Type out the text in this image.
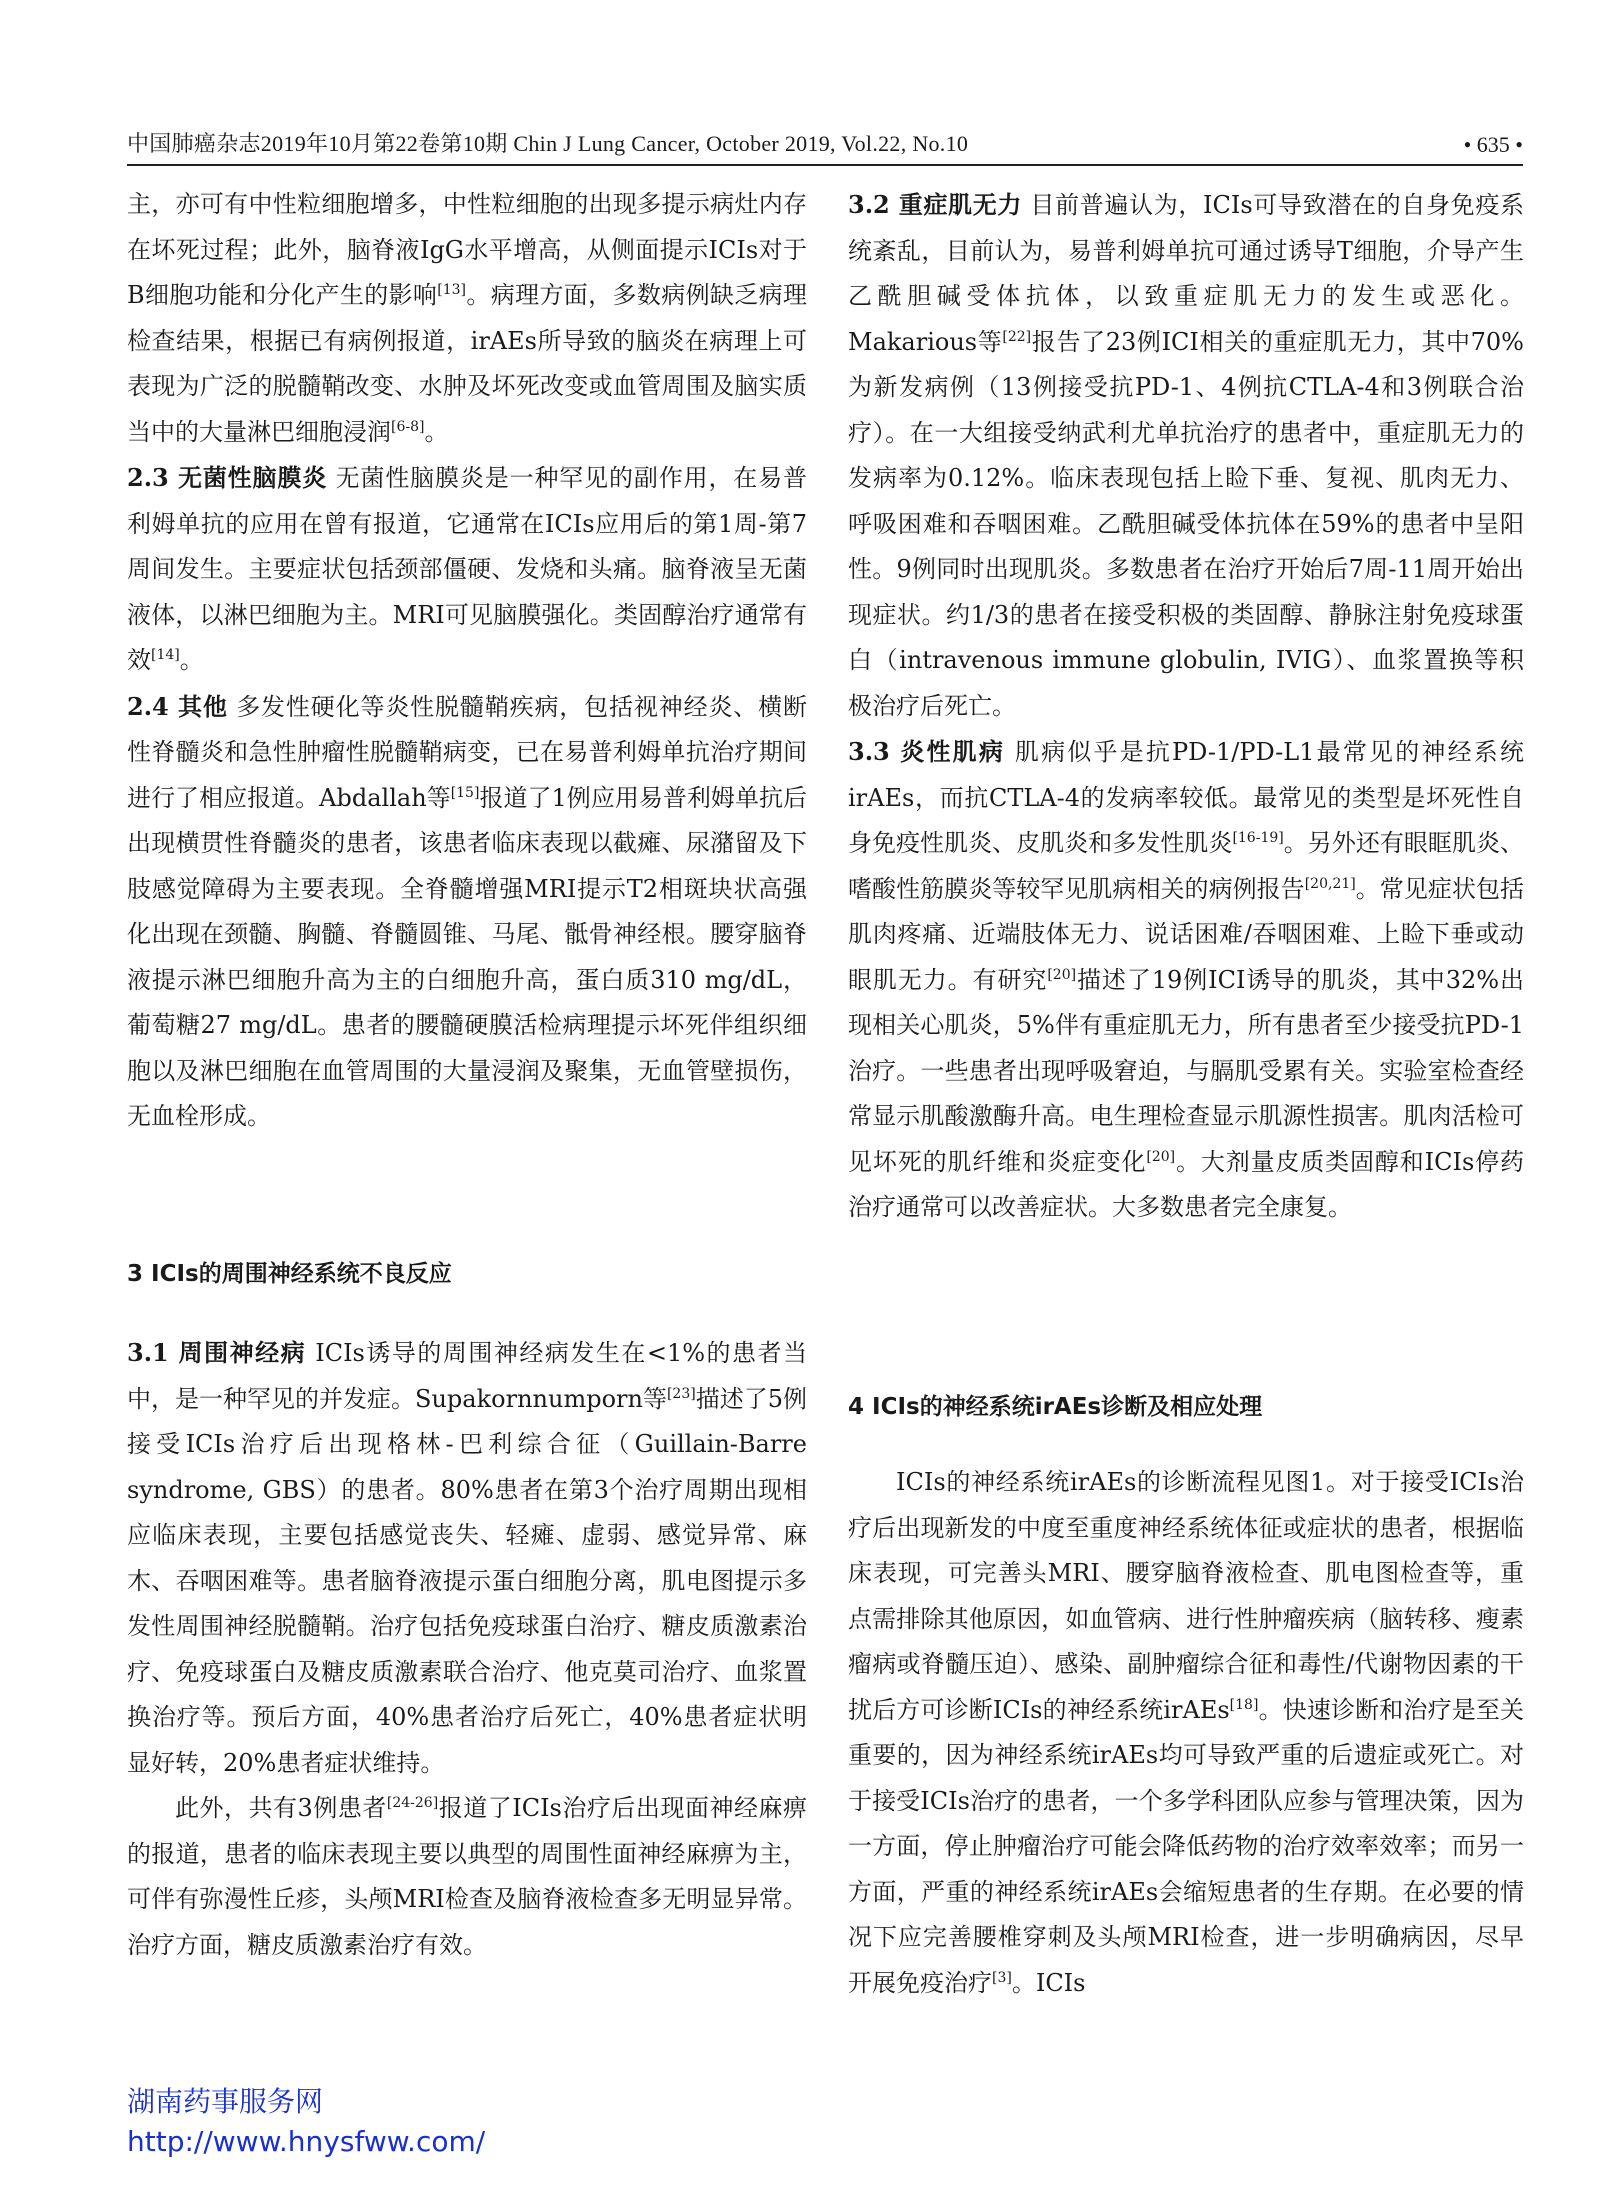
中国肺癌杂志2019年10月第22卷第10期 Chin J Lung Cancer, October 2019, Vol.22, No.10	• 635 •

主，亦可有中性粒细胞增多，中性粒细胞的出现多提示病灶内存在坏死过程；此外，脑脊液IgG水平增高，从侧面提示ICIs对于B细胞功能和分化产生的影响[13]。病理方面，多数病例缺乏病理检查结果，根据已有病例报道，irAEs所导致的脑炎在病理上可表现为广泛的脱髓鞘改变、水肿及坏死改变或血管周围及脑实质当中的大量淋巴细胞浸润[6-8]。

2.3 无菌性脑膜炎 无菌性脑膜炎是一种罕见的副作用，在易普利姆单抗的应用在曾有报道，它通常在ICIs应用后的第1周-第7周间发生。主要症状包括颈部僵硬、发烧和头痛。脑脊液呈无菌液体，以淋巴细胞为主。MRI可见脑膜强化。类固醇治疗通常有效[14]。

2.4 其他 多发性硬化等炎性脱髓鞘疾病，包括视神经炎、横断性脊髓炎和急性肿瘤性脱髓鞘病变，已在易普利姆单抗治疗期间进行了相应报道。Abdallah等[15]报道了1例应用易普利姆单抗后出现横贯性脊髓炎的患者，该患者临床表现以截瘫、尿潴留及下肢感觉障碍为主要表现。全脊髓增强MRI提示T2相斑块状高强化出现在颈髓、胸髓、脊髓圆锥、马尾、骶骨神经根。腰穿脑脊液提示淋巴细胞升高为主的白细胞升高，蛋白质310 mg/dL，葡萄糖27 mg/dL。患者的腰髓硬膜活检病理提示坏死伴组织细胞以及淋巴细胞在血管周围的大量浸润及聚集，无血管壁损伤，无血栓形成。

3 ICIs的周围神经系统不良反应

3.1 周围神经病 ICIs诱导的周围神经病发生在<1%的患者当中，是一种罕见的并发症。Supakornnumporn等[23]描述了5例接受ICIs治疗后出现格林-巴利综合征（Guillain-Barre syndrome, GBS）的患者。80%患者在第3个治疗周期出现相应临床表现，主要包括感觉丧失、轻瘫、虚弱、感觉异常、麻木、吞咽困难等。患者脑脊液提示蛋白细胞分离，肌电图提示多发性周围神经脱髓鞘。治疗包括免疫球蛋白治疗、糖皮质激素治疗、免疫球蛋白及糖皮质激素联合治疗、他克莫司治疗、血浆置换治疗等。预后方面，40%患者治疗后死亡，40%患者症状明显好转，20%患者症状维持。

此外，共有3例患者[24-26]报道了ICIs治疗后出现面神经麻痹的报道，患者的临床表现主要以典型的周围性面神经麻痹为主，可伴有弥漫性丘疹，头颅MRI检查及脑脊液检查多无明显异常。治疗方面，糖皮质激素治疗有效。

3.2 重症肌无力 目前普遍认为，ICIs可导致潜在的自身免疫系统紊乱，目前认为，易普利姆单抗可通过诱导T细胞，介导产生乙酰胆碱受体抗体，以致重症肌无力的发生或恶化。Makarious等[22]报告了23例ICI相关的重症肌无力，其中70%为新发病例（13例接受抗PD-1、4例抗CTLA-4和3例联合治疗）。在一大组接受纳武利尤单抗治疗的患者中，重症肌无力的发病率为0.12%。临床表现包括上睑下垂、复视、肌肉无力、呼吸困难和吞咽困难。乙酰胆碱受体抗体在59%的患者中呈阳性。9例同时出现肌炎。多数患者在治疗开始后7周-11周开始出现症状。约1/3的患者在接受积极的类固醇、静脉注射免疫球蛋白（intravenous immune globulin, IVIG）、血浆置换等积极治疗后死亡。

3.3 炎性肌病 肌病似乎是抗PD-1/PD-L1最常见的神经系统irAEs，而抗CTLA-4的发病率较低。最常见的类型是坏死性自身免疫性肌炎、皮肌炎和多发性肌炎[16-19]。另外还有眼眶肌炎、嗜酸性筋膜炎等较罕见肌病相关的病例报告[20,21]。常见症状包括肌肉疼痛、近端肢体无力、说话困难/吞咽困难、上睑下垂或动眼肌无力。有研究[20]描述了19例ICI诱导的肌炎，其中32%出现相关心肌炎，5%伴有重症肌无力，所有患者至少接受抗PD-1治疗。一些患者出现呼吸窘迫，与膈肌受累有关。实验室检查经常显示肌酸激酶升高。电生理检查显示肌源性损害。肌肉活检可见坏死的肌纤维和炎症变化[20]。大剂量皮质类固醇和ICIs停药治疗通常可以改善症状。大多数患者完全康复。

4 ICIs的神经系统irAEs诊断及相应处理

ICIs的神经系统irAEs的诊断流程见图1。对于接受ICIs治疗后出现新发的中度至重度神经系统体征或症状的患者，根据临床表现，可完善头MRI、腰穿脑脊液检查、肌电图检查等，重点需排除其他原因，如血管病、进行性肿瘤疾病（脑转移、瘦素瘤病或脊髓压迫）、感染、副肿瘤综合征和毒性/代谢物因素的干扰后方可诊断ICIs的神经系统irAEs[18]。快速诊断和治疗是至关重要的，因为神经系统irAEs均可导致严重的后遗症或死亡。对于接受ICIs治疗的患者，一个多学科团队应参与管理决策，因为一方面，停止肿瘤治疗可能会降低药物的治疗效率效率；而另一方面，严重的神经系统irAEs会缩短患者的生存期。在必要的情况下应完善腰椎穿刺及头颅MRI检查，进一步明确病因，尽早开展免疫治疗[3]。ICIs

湖南药事服务网
http://www.hnysfww.com/
